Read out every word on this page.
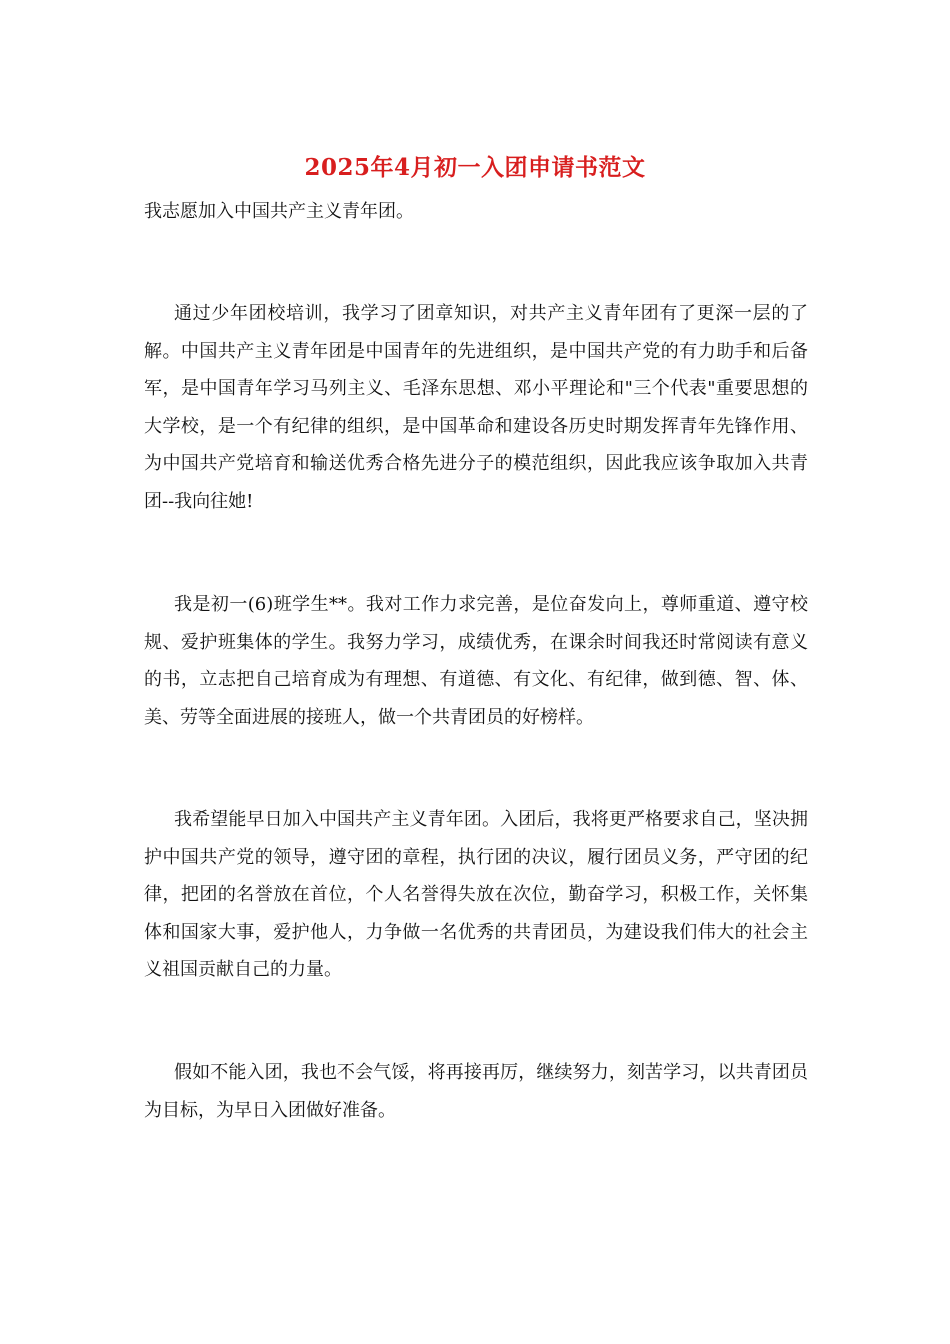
2025年4月初一入团申请书范文

我志愿加入中国共产主义青年团。

通过少年团校培训，我学习了团章知识，对共产主义青年团有了更深一层的了解。中国共产主义青年团是中国青年的先进组织，是中国共产党的有力助手和后备军，是中国青年学习马列主义、毛泽东思想、邓小平理论和"三个代表"重要思想的大学校，是一个有纪律的组织，是中国革命和建设各历史时期发挥青年先锋作用、为中国共产党培育和输送优秀合格先进分子的模范组织，因此我应该争取加入共青团--我向往她!

我是初一(6)班学生**。我对工作力求完善，是位奋发向上，尊师重道、遵守校规、爱护班集体的学生。我努力学习，成绩优秀，在课余时间我还时常阅读有意义的书，立志把自己培育成为有理想、有道德、有文化、有纪律，做到德、智、体、美、劳等全面进展的接班人，做一个共青团员的好榜样。

我希望能早日加入中国共产主义青年团。入团后，我将更严格要求自己，坚决拥护中国共产党的领导，遵守团的章程，执行团的决议，履行团员义务，严守团的纪律，把团的名誉放在首位，个人名誉得失放在次位，勤奋学习，积极工作，关怀集体和国家大事，爱护他人，力争做一名优秀的共青团员，为建设我们伟大的社会主义祖国贡献自己的力量。

假如不能入团，我也不会气馁，将再接再厉，继续努力，刻苦学习，以共青团员为目标，为早日入团做好准备。
